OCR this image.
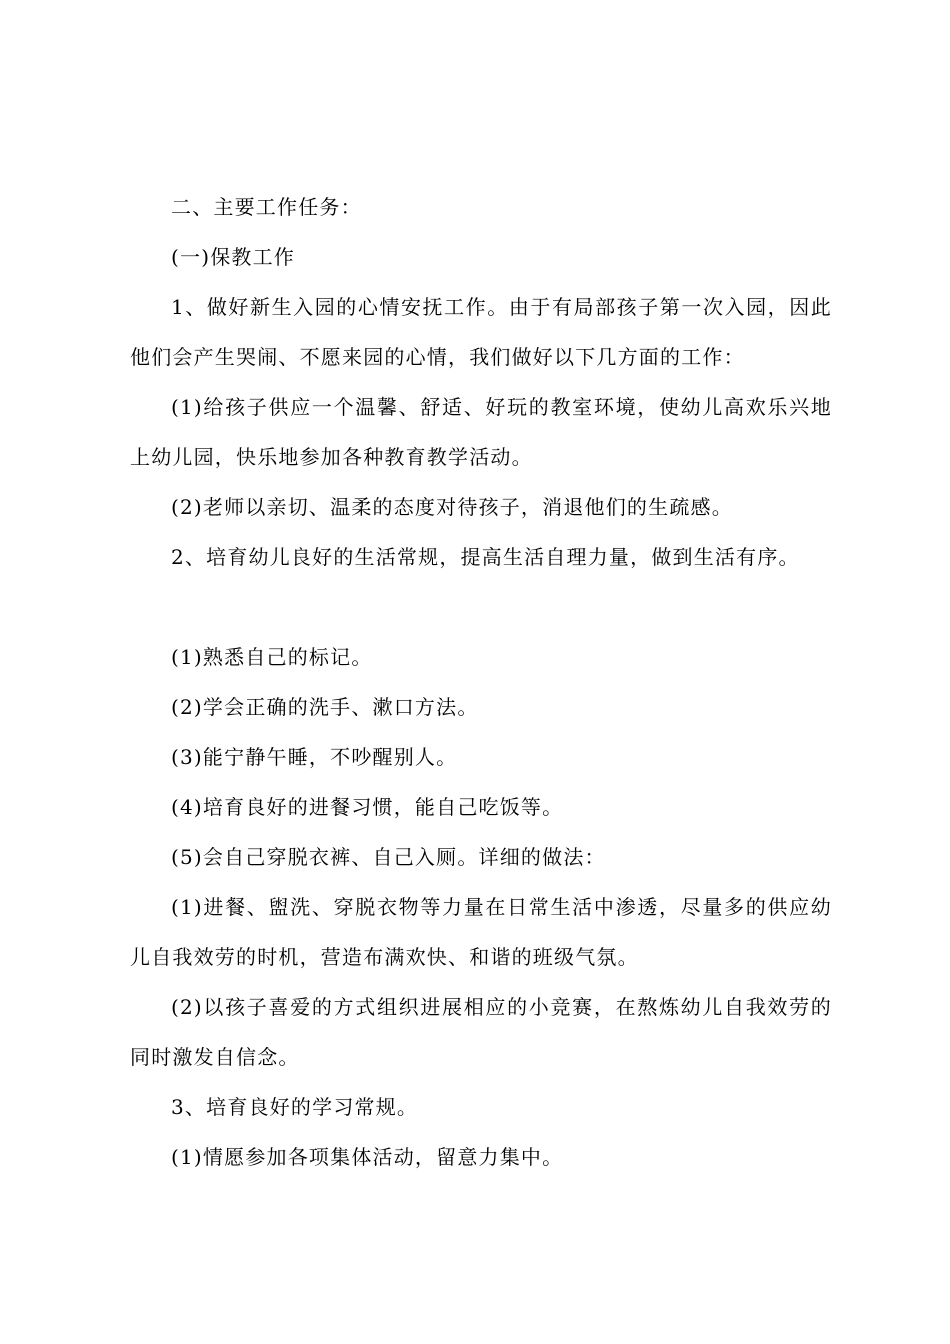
二、主要工作任务：

(一)保教工作

1、做好新生入园的心情安抚工作。由于有局部孩子第一次入园，因此他们会产生哭闹、不愿来园的心情，我们做好以下几方面的工作：

(1)给孩子供应一个温馨、舒适、好玩的教室环境，使幼儿高欢乐兴地上幼儿园，快乐地参加各种教育教学活动。

(2)老师以亲切、温柔的态度对待孩子，消退他们的生疏感。

2、培育幼儿良好的生活常规，提高生活自理力量，做到生活有序。

(1)熟悉自己的标记。

(2)学会正确的洗手、漱口方法。

(3)能宁静午睡，不吵醒别人。

(4)培育良好的进餐习惯，能自己吃饭等。

(5)会自己穿脱衣裤、自己入厕。详细的做法：

(1)进餐、盥洗、穿脱衣物等力量在日常生活中渗透，尽量多的供应幼儿自我效劳的时机，营造布满欢快、和谐的班级气氛。

(2)以孩子喜爱的方式组织进展相应的小竞赛，在熬炼幼儿自我效劳的同时激发自信念。

3、培育良好的学习常规。

(1)情愿参加各项集体活动，留意力集中。
